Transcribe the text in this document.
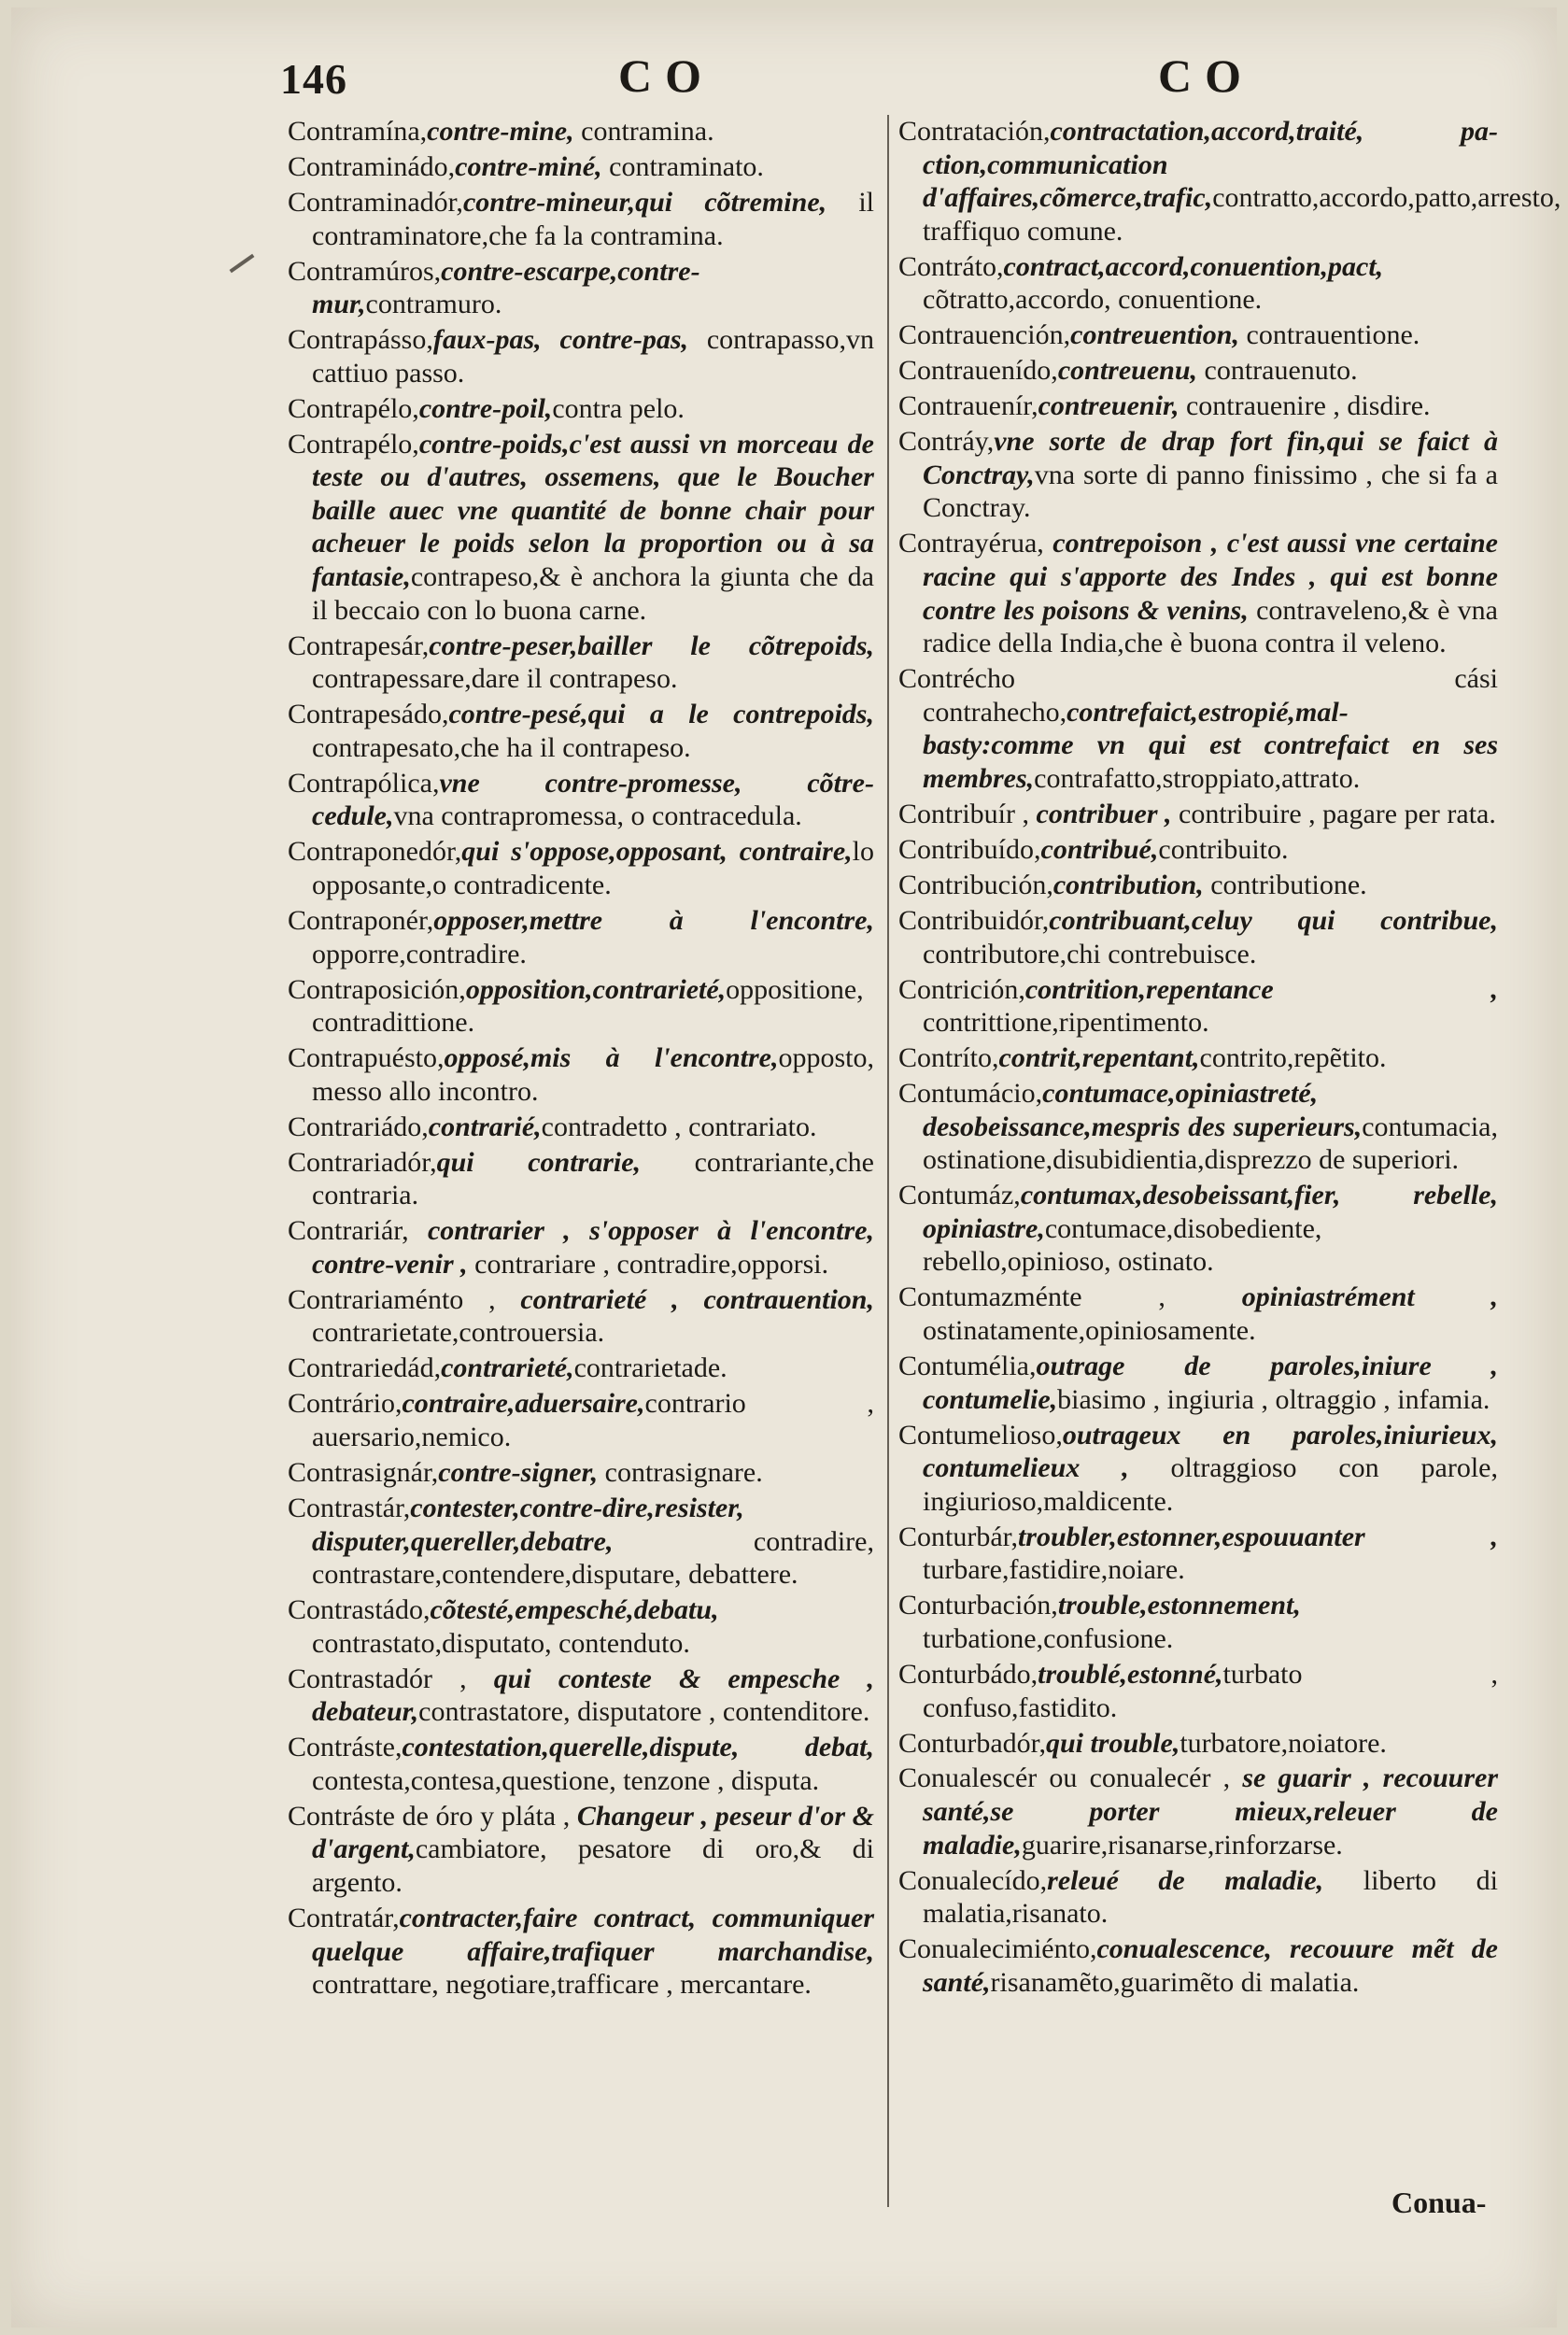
146	CO	CO

Contramína,contre-mine, contramina.

Contraminádo,contre-miné, contraminato.

Contraminadór,contre-mineur,qui cõtremine, il contraminatore,che fa la contramina.

Contramúros,contre-escarpe,contre-mur,contramuro.

Contrapásso,faux-pas, contre-pas, contrapasso,vn cattiuo passo.

Contrapélo,contre-poil,contra pelo.

Contrapélo,contre-poids,c'est aussi vn morceau de teste ou d'autres, ossemens, que le Boucher baille auec vne quantité de bonne chair pour acheuer le poids selon la proportion ou à sa fantasie,contrapeso,& è anchora la giunta che da il beccaio con lo buona carne.

Contrapesár,contre-peser,bailler le cõtrepoids, contrapessare,dare il contrapeso.

Contrapesádo,contre-pesé,qui a le contrepoids, contrapesato,che ha il contrapeso.

Contrapólica,vne contre-promesse, cõtre-cedule,vna contrapromessa, o contracedula.

Contraponedór,qui s'oppose,opposant, contraire,lo opposante,o contradicente.

Contraponér,opposer,mettre à l'encontre, opporre,contradire.

Contraposición,opposition,contrarieté,oppositione, contradittione.

Contrapuésto,opposé,mis à l'encontre,opposto, messo allo incontro.

Contrariádo,contrarié,contradetto , contrariato.

Contrariadór,qui contrarie, contrariante,che contraria.

Contrariár, contrarier , s'opposer à l'encontre, contre-venir , contrariare , contradire,opporsi.

Contrariaménto , contrarieté , contrauention, contrarietate,controuersia.

Contrariedád,contrarieté,contrarietade.

Contrário,contraire,aduersaire,contrario , auersario,nemico.

Contrasignár,contre-signer, contrasignare.

Contrastár,contester,contre-dire,resister, disputer,quereller,debatre, contradire, contrastare,contendere,disputare, debattere.

Contrastádo,cõtesté,empesché,debatu, contrastato,disputato, contenduto.

Contrastadór , qui conteste & empesche , debateur,contrastatore, disputatore , contenditore.

Contráste,contestation,querelle,dispute, debat, contesta,contesa,questione, tenzone , disputa.

Contráste de óro y pláta , Changeur , peseur d'or & d'argent,cambiatore, pesatore di oro,& di argento.

Contratár,contracter,faire contract, communiquer quelque affaire,trafiquer marchandise, contrattare, negotiare,trafficare , mercantare.

Contratación,contractation,accord,traité, pa-ction,communication d'affaires,cõmerce,trafic,contratto,accordo,patto,arresto, traffiquo comune.

Contráto,contract,accord,conuention,pact, cõtratto,accordo, conuentione.

Contrauención,contreuention, contrauentione.

Contrauenído,contreuenu, contrauenuto.

Contrauenír,contreuenir, contrauenire , disdire.

Contráy,vne sorte de drap fort fin,qui se faict à Conctray,vna sorte di panno finissimo , che si fa a Conctray.

Contrayérua, contrepoison , c'est aussi vne certaine racine qui s'apporte des Indes , qui est bonne contre les poisons & venins, contraveleno,& è vna radice della India,che è buona contra il veleno.

Contrécho cási contrahecho,contrefaict,estropié,mal-basty:comme vn qui est contrefaict en ses membres,contrafatto,stroppiato,attrato.

Contribuír , contribuer , contribuire , pagare per rata.

Contribuído,contribué,contribuito.

Contribución,contribution, contributione.

Contribuidór,contribuant,celuy qui contribue, contributore,chi contrebuisce.

Contrición,contrition,repentance , contrittione,ripentimento.

Contríto,contrit,repentant,contrito,repẽtito.

Contumácio,contumace,opiniastreté, desobeissance,mespris des superieurs,contumacia, ostinatione,disubidientia,disprezzo de superiori.

Contumáz,contumax,desobeissant,fier, rebelle, opiniastre,contumace,disobediente, rebello,opinioso, ostinato.

Contumazménte , opiniastrément , ostinatamente,opiniosamente.

Contumélia,outrage de paroles,iniure , contumelie,biasimo , ingiuria , oltraggio , infamia.

Contumelioso,outrageux en paroles,iniurieux, contumelieux , oltraggioso con parole, ingiurioso,maldicente.

Conturbár,troubler,estonner,espouuanter , turbare,fastidire,noiare.

Conturbación,trouble,estonnement, turbatione,confusione.

Conturbádo,troublé,estonné,turbato , confuso,fastidito.

Conturbadór,qui trouble,turbatore,noiatore.

Conualescér ou conualecér , se guarir , recouurer santé,se porter mieux,releuer de maladie,guarire,risanarse,rinforzarse.

Conualecído,releué de maladie, liberto di malatia,risanato.

Conualecimiénto,conualescence, recouure mẽt de santé,risanamẽto,guarimẽto di malatia.

Conua-
